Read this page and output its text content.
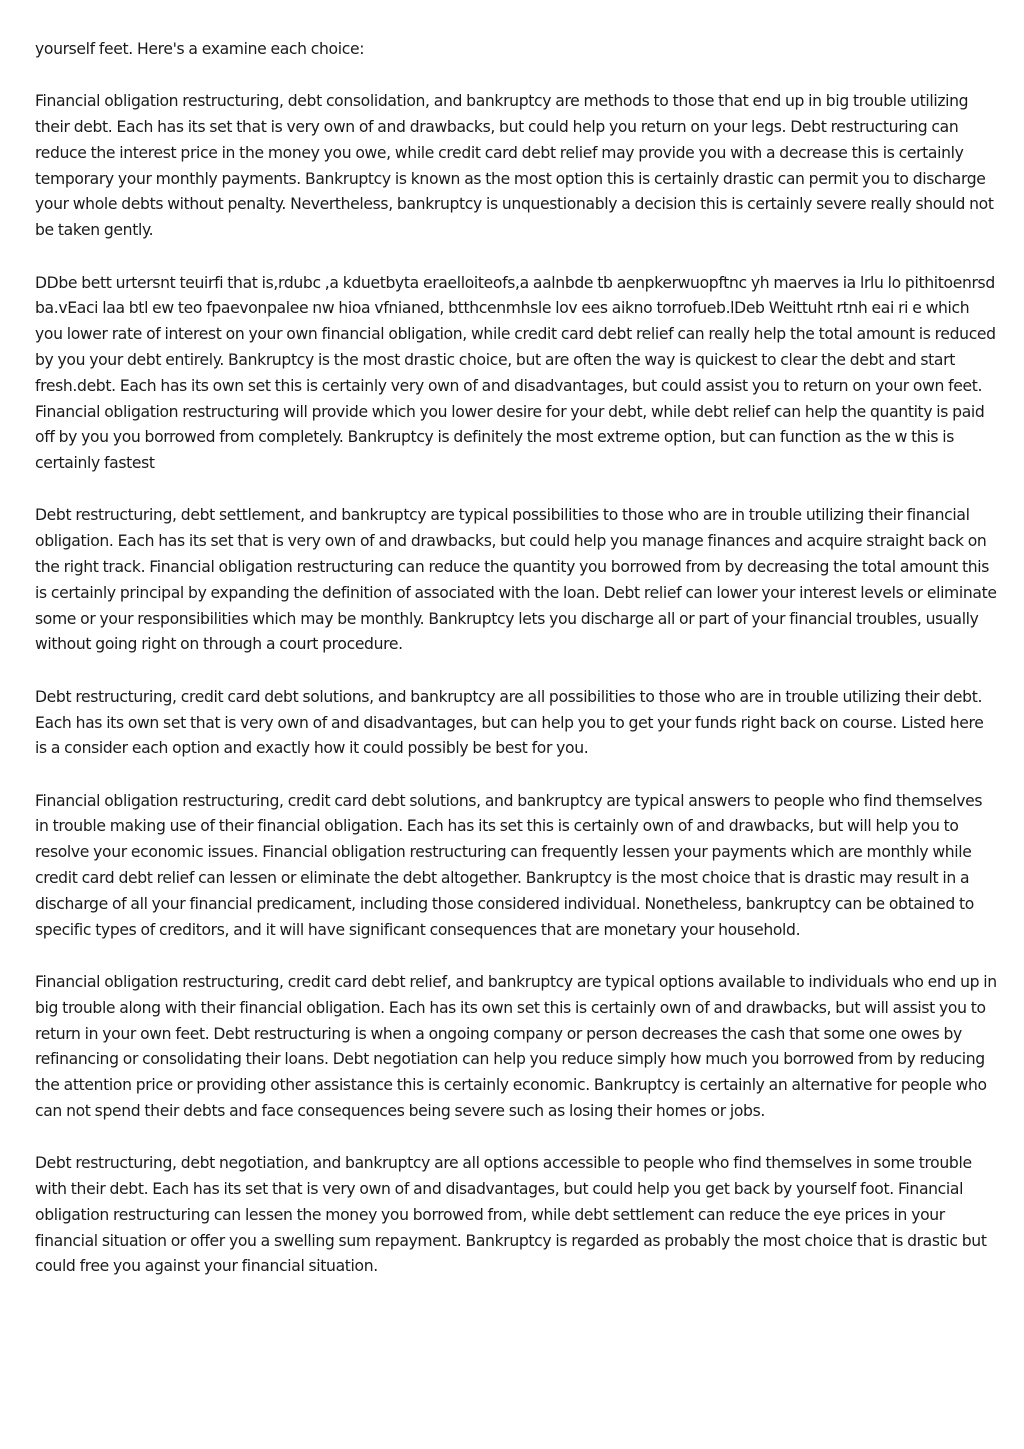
yourself feet. Here's a examine each choice:

Financial obligation restructuring, debt consolidation, and bankruptcy are methods to those that end up in big trouble utilizing their debt. Each has its set that is very own of and drawbacks, but could help you return on your legs. Debt restructuring can reduce the interest price in the money you owe, while credit card debt relief may provide you with a decrease this is certainly temporary your monthly payments. Bankruptcy is known as the most option this is certainly drastic can permit you to discharge your whole debts without penalty. Nevertheless, bankruptcy is unquestionably a decision this is certainly severe really should not be taken gently.

DDbe bett urtersnt teuirfi that is,rdubc ,a kduetbyta eraelloiteofs,a aalnbde tb aenpkerwuopftnc yh maerves ia lrlu lo pithitoenrsd ba.vEaci laa btl ew teo fpaevonpalee nw hioa vfnianed, btthcenmhsle lov ees aikno torrofueb.lDeb Weittuht rtnh eai ri e which you lower rate of interest on your own financial obligation, while credit card debt relief can really help the total amount is reduced by you your debt entirely. Bankruptcy is the most drastic choice, but are often the way is quickest to clear the debt and start fresh.debt. Each has its own set this is certainly very own of and disadvantages, but could assist you to return on your own feet. Financial obligation restructuring will provide which you lower desire for your debt, while debt relief can help the quantity is paid off by you you borrowed from completely. Bankruptcy is definitely the most extreme option, but can function as the w this is certainly fastest

Debt restructuring, debt settlement, and bankruptcy are typical possibilities to those who are in trouble utilizing their financial obligation. Each has its set that is very own of and drawbacks, but could help you manage finances and acquire straight back on the right track. Financial obligation restructuring can reduce the quantity you borrowed from by decreasing the total amount this is certainly principal by expanding the definition of associated with the loan. Debt relief can lower your interest levels or eliminate some or your responsibilities which may be monthly. Bankruptcy lets you discharge all or part of your financial troubles, usually without going right on through a court procedure.

Debt restructuring, credit card debt solutions, and bankruptcy are all possibilities to those who are in trouble utilizing their debt. Each has its own set that is very own of and disadvantages, but can help you to get your funds right back on course. Listed here is a consider each option and exactly how it could possibly be best for you.

Financial obligation restructuring, credit card debt solutions, and bankruptcy are typical answers to people who find themselves in trouble making use of their financial obligation. Each has its set this is certainly own of and drawbacks, but will help you to resolve your economic issues. Financial obligation restructuring can frequently lessen your payments which are monthly while credit card debt relief can lessen or eliminate the debt altogether. Bankruptcy is the most choice that is drastic may result in a discharge of all your financial predicament, including those considered individual. Nonetheless, bankruptcy can be obtained to specific types of creditors, and it will have significant consequences that are monetary your household.

Financial obligation restructuring, credit card debt relief, and bankruptcy are typical options available to individuals who end up in big trouble along with their financial obligation. Each has its own set this is certainly own of and drawbacks, but will assist you to return in your own feet. Debt restructuring is when a ongoing company or person decreases the cash that some one owes by refinancing or consolidating their loans. Debt negotiation can help you reduce simply how much you borrowed from by reducing the attention price or providing other assistance this is certainly economic. Bankruptcy is certainly an alternative for people who can not spend their debts and face consequences being severe such as losing their homes or jobs.

Debt restructuring, debt negotiation, and bankruptcy are all options accessible to people who find themselves in some trouble with their debt. Each has its set that is very own of and disadvantages, but could help you get back by yourself foot. Financial obligation restructuring can lessen the money you borrowed from, while debt settlement can reduce the eye prices in your financial situation or offer you a swelling sum repayment. Bankruptcy is regarded as probably the most choice that is drastic but could free you against your financial situation.
